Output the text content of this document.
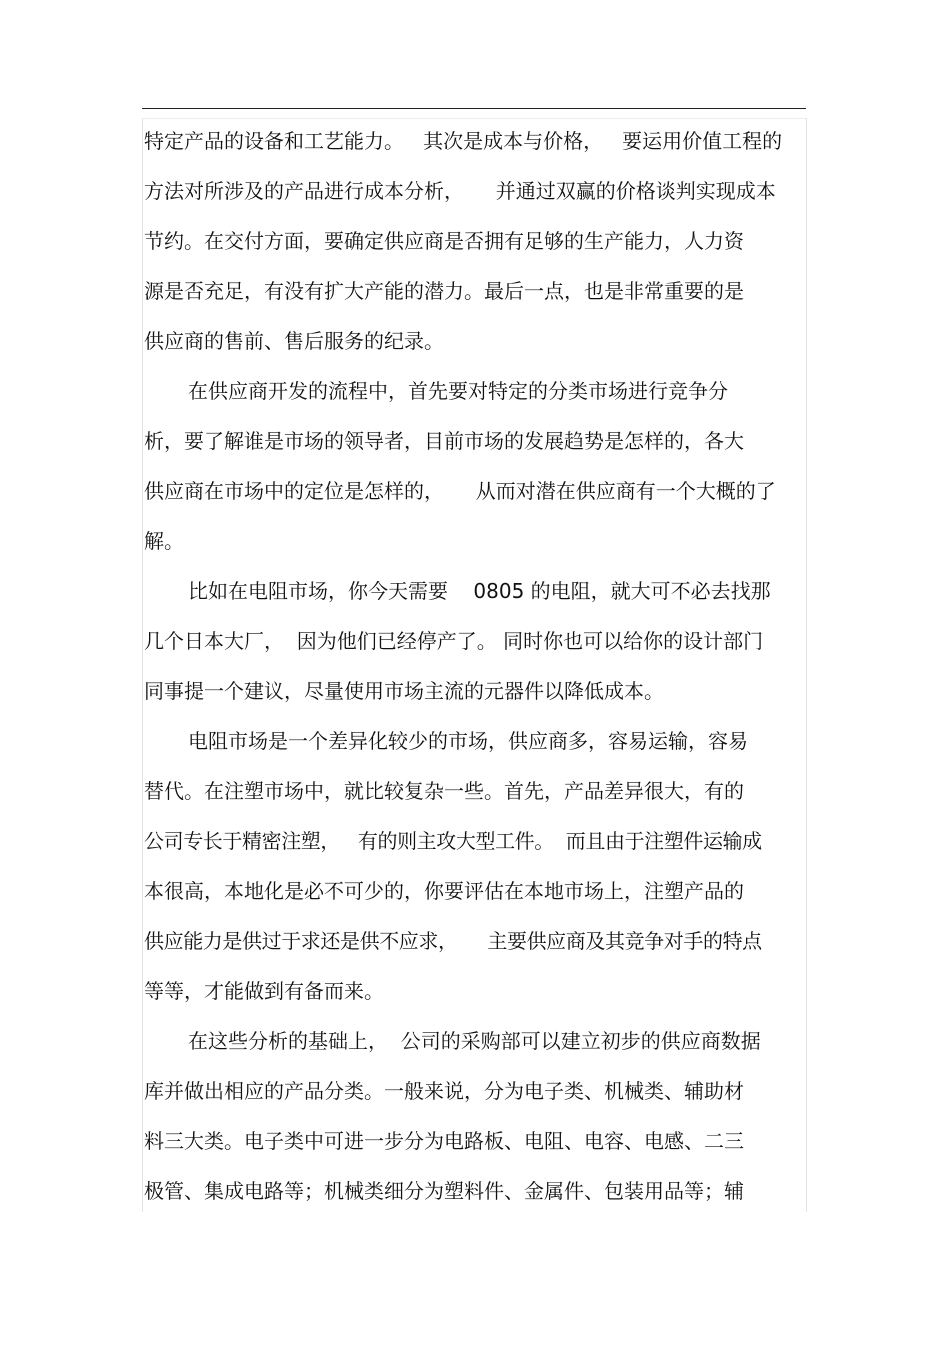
特定产品的设备和工艺能力。   其次是成本与价格，   要运用价值工程的
方法对所涉及的产品进行成本分析，     并通过双赢的价格谈判实现成本
节约。在交付方面，要确定供应商是否拥有足够的生产能力，人力资
源是否充足，有没有扩大产能的潜力。最后一点，也是非常重要的是
供应商的售前、售后服务的纪录。
在供应商开发的流程中，首先要对特定的分类市场进行竞争分
析，要了解谁是市场的领导者，目前市场的发展趋势是怎样的，各大
供应商在市场中的定位是怎样的，     从而对潜在供应商有一个大概的了
解。
比如在电阻市场，你今天需要    0805 的电阻，就大可不必去找那
几个日本大厂，  因为他们已经停产了。 同时你也可以给你的设计部门
同事提一个建议，尽量使用市场主流的元器件以降低成本。
电阻市场是一个差异化较少的市场，供应商多，容易运输，容易
替代。在注塑市场中，就比较复杂一些。首先，产品差异很大，有的
公司专长于精密注塑，   有的则主攻大型工件。  而且由于注塑件运输成
本很高，本地化是必不可少的，你要评估在本地市场上，注塑产品的
供应能力是供过于求还是供不应求，     主要供应商及其竞争对手的特点
等等，才能做到有备而来。
在这些分析的基础上，  公司的采购部可以建立初步的供应商数据
库并做出相应的产品分类。一般来说，分为电子类、机械类、辅助材
料三大类。电子类中可进一步分为电路板、电阻、电容、电感、二三
极管、集成电路等；机械类细分为塑料件、金属件、包装用品等；辅
